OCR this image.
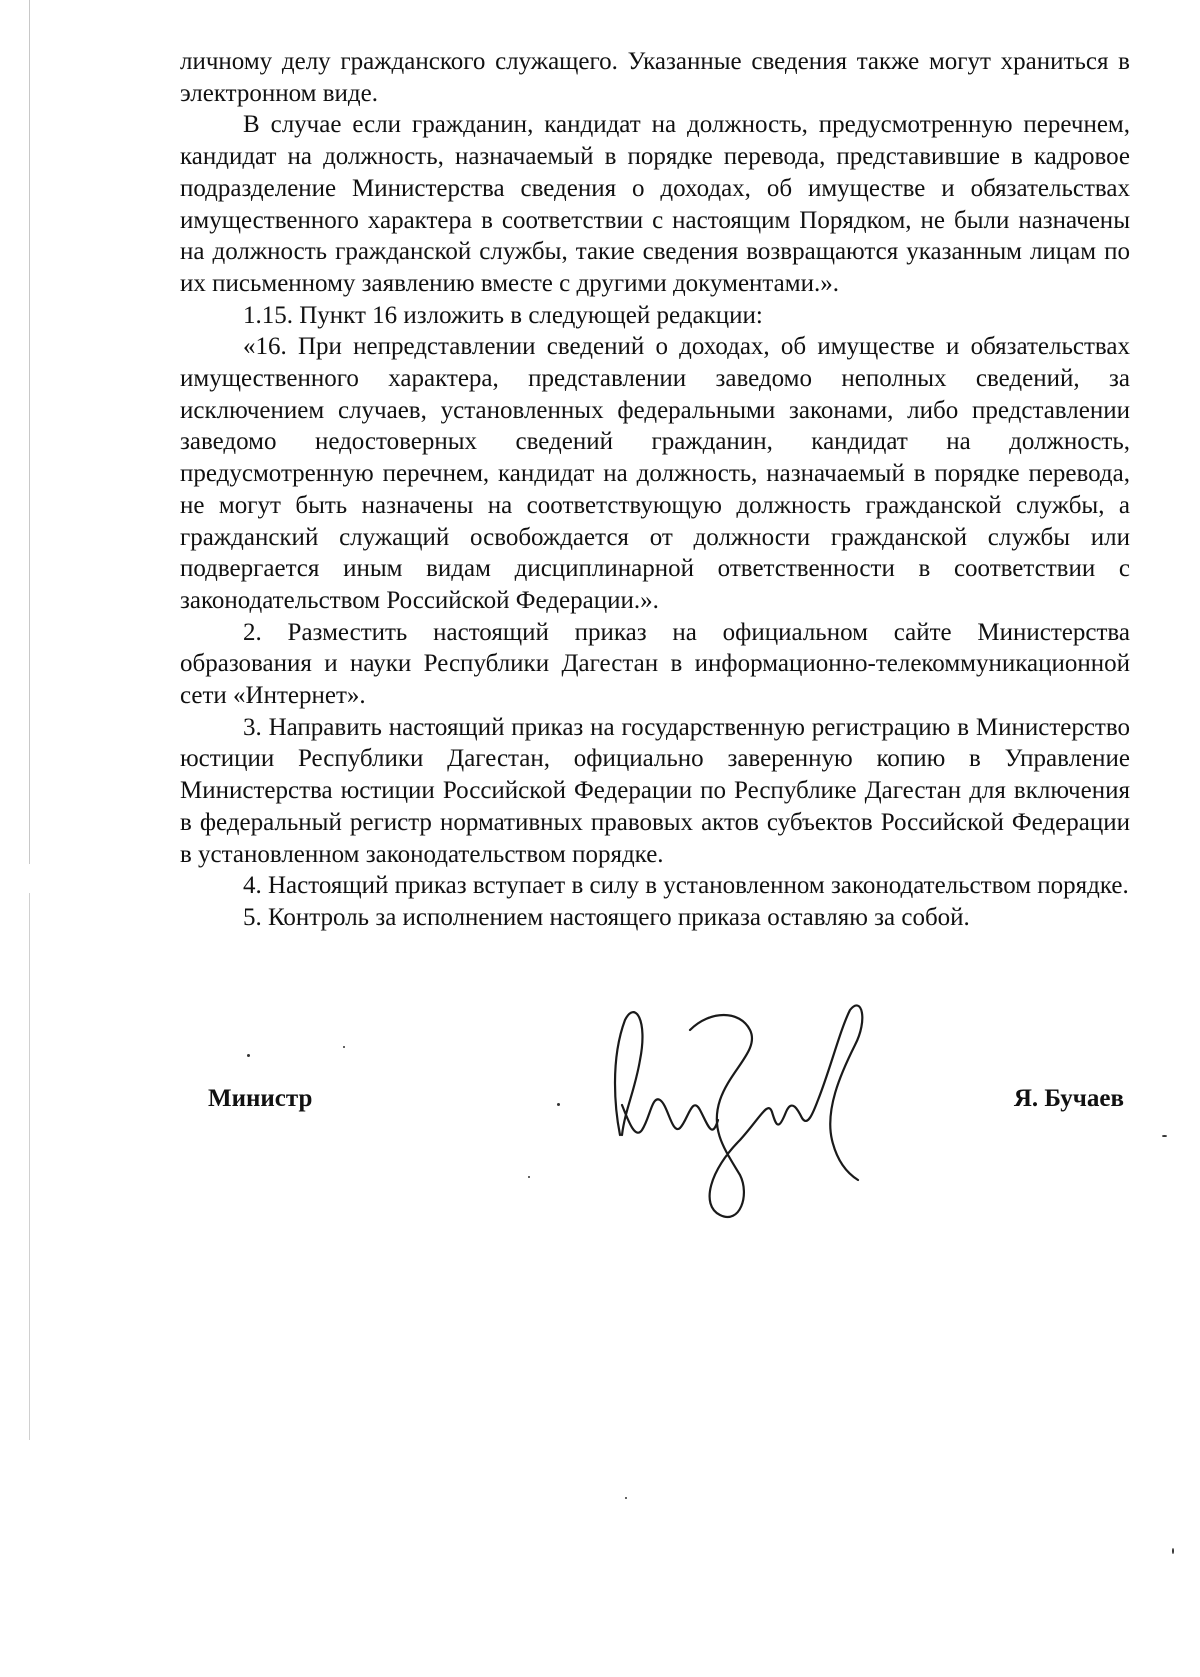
личному делу гражданского служащего. Указанные сведения также могут храниться в электронном виде.

В случае если гражданин, кандидат на должность, предусмотренную перечнем, кандидат на должность, назначаемый в порядке перевода, представившие в кадровое подразделение Министерства сведения о доходах, об имуществе и обязательствах имущественного характера в соответствии с настоящим Порядком, не были назначены на должность гражданской службы, такие сведения возвращаются указанным лицам по их письменному заявлению вместе с другими документами.».

1.15. Пункт 16 изложить в следующей редакции:

«16. При непредставлении сведений о доходах, об имуществе и обязательствах имущественного характера, представлении заведомо неполных сведений, за исключением случаев, установленных федеральными законами, либо представлении заведомо недостоверных сведений гражданин, кандидат на должность, предусмотренную перечнем, кандидат на должность, назначаемый в порядке перевода, не могут быть назначены на соответствующую должность гражданской службы, а гражданский служащий освобождается от должности гражданской службы или подвергается иным видам дисциплинарной ответственности в соответствии с законодательством Российской Федерации.».

2. Разместить настоящий приказ на официальном сайте Министерства образования и науки Республики Дагестан в информационно-телекоммуникационной сети «Интернет».

3. Направить настоящий приказ на государственную регистрацию в Министерство юстиции Республики Дагестан, официально заверенную копию в Управление Министерства юстиции Российской Федерации по Республике Дагестан для включения в федеральный регистр нормативных правовых актов субъектов Российской Федерации в установленном законодательством порядке.

4. Настоящий приказ вступает в силу в установленном законодательством порядке.

5. Контроль за исполнением настоящего приказа оставляю за собой.

Министр	Я. Бучаев
